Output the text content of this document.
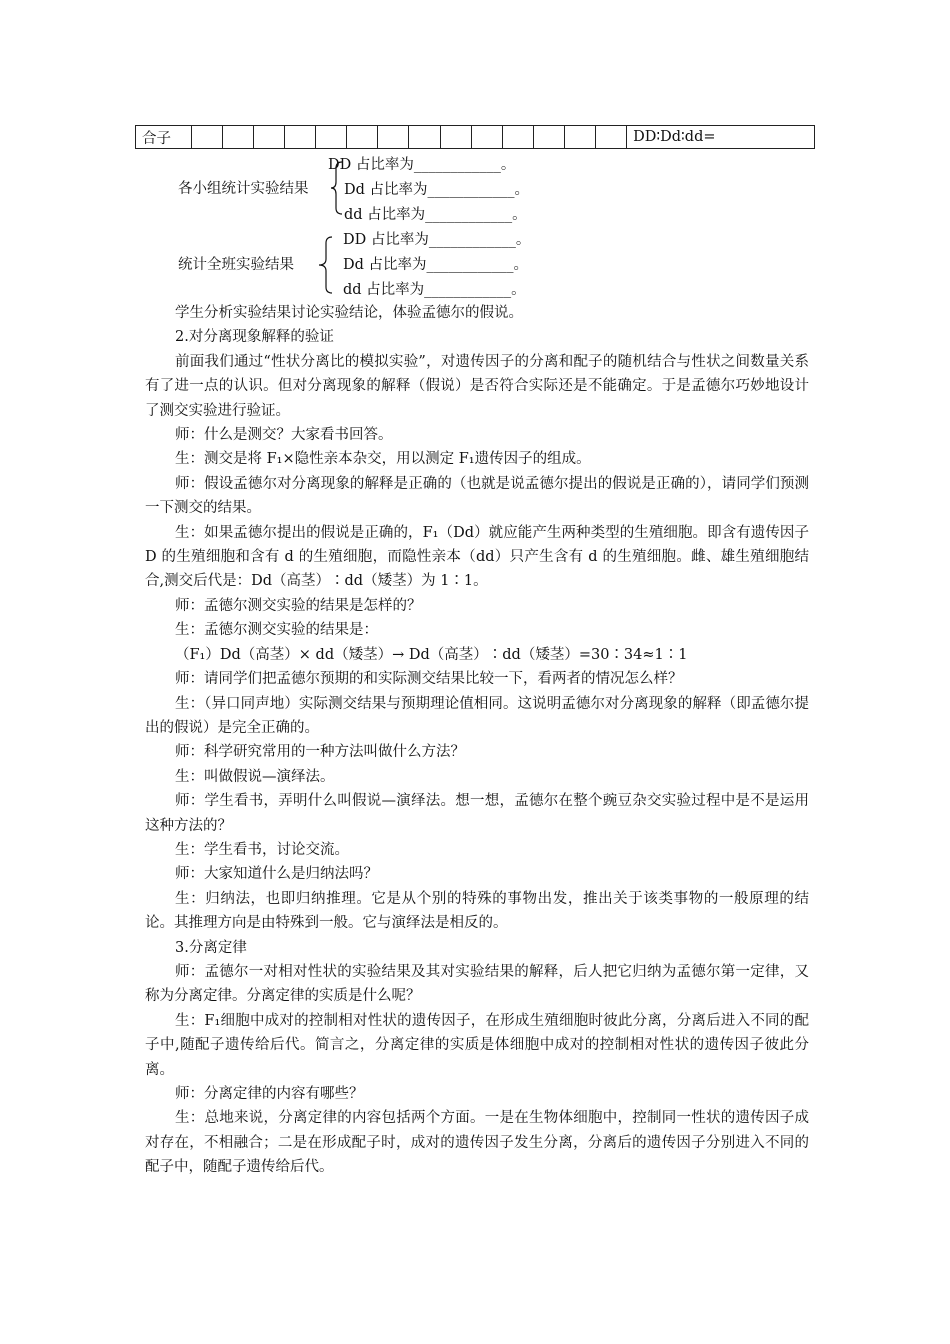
合子															DD∶Dd∶dd=
各小组统计实验结果
DD 占比率为____________。
Dd 占比率为____________。
dd 占比率为____________。
统计全班实验结果
DD 占比率为____________。
Dd 占比率为____________。
dd 占比率为____________。

学生分析实验结果讨论实验结论，体验孟德尔的假说。

2.对分离现象解释的验证

前面我们通过“性状分离比的模拟实验”，对遗传因子的分离和配子的随机结合与性状之间数量关系有了进一点的认识。但对分离现象的解释（假说）是否符合实际还是不能确定。于是孟德尔巧妙地设计了测交实验进行验证。

师：什么是测交？大家看书回答。

生：测交是将 F₁×隐性亲本杂交，用以测定 F₁遗传因子的组成。

师：假设孟德尔对分离现象的解释是正确的（也就是说孟德尔提出的假说是正确的），请同学们预测一下测交的结果。

生：如果孟德尔提出的假说是正确的，F₁（Dd）就应能产生两种类型的生殖细胞。即含有遗传因子 D 的生殖细胞和含有 d 的生殖细胞，而隐性亲本（dd）只产生含有 d 的生殖细胞。雌、雄生殖细胞结合,测交后代是：Dd（高茎）∶dd（矮茎）为 1∶1。

师：孟德尔测交实验的结果是怎样的？

生：孟德尔测交实验的结果是：

（F₁）Dd（高茎）× dd（矮茎）→ Dd（高茎）∶dd（矮茎）=30∶34≈1∶1

师：请同学们把孟德尔预期的和实际测交结果比较一下，看两者的情况怎么样？

生：（异口同声地）实际测交结果与预期理论值相同。这说明孟德尔对分离现象的解释（即孟德尔提出的假说）是完全正确的。

师：科学研究常用的一种方法叫做什么方法？

生：叫做假说—演绎法。

师：学生看书，弄明什么叫假说—演绎法。想一想，孟德尔在整个豌豆杂交实验过程中是不是运用这种方法的？

生：学生看书，讨论交流。

师：大家知道什么是归纳法吗？

生：归纳法，也即归纳推理。它是从个别的特殊的事物出发，推出关于该类事物的一般原理的结论。其推理方向是由特殊到一般。它与演绎法是相反的。

3.分离定律

师：孟德尔一对相对性状的实验结果及其对实验结果的解释，后人把它归纳为孟德尔第一定律，又称为分离定律。分离定律的实质是什么呢？

生：F₁细胞中成对的控制相对性状的遗传因子，在形成生殖细胞时彼此分离，分离后进入不同的配子中,随配子遗传给后代。简言之，分离定律的实质是体细胞中成对的控制相对性状的遗传因子彼此分离。

师：分离定律的内容有哪些？

生：总地来说，分离定律的内容包括两个方面。一是在生物体细胞中，控制同一性状的遗传因子成对存在，不相融合；二是在形成配子时，成对的遗传因子发生分离，分离后的遗传因子分别进入不同的配子中，随配子遗传给后代。
